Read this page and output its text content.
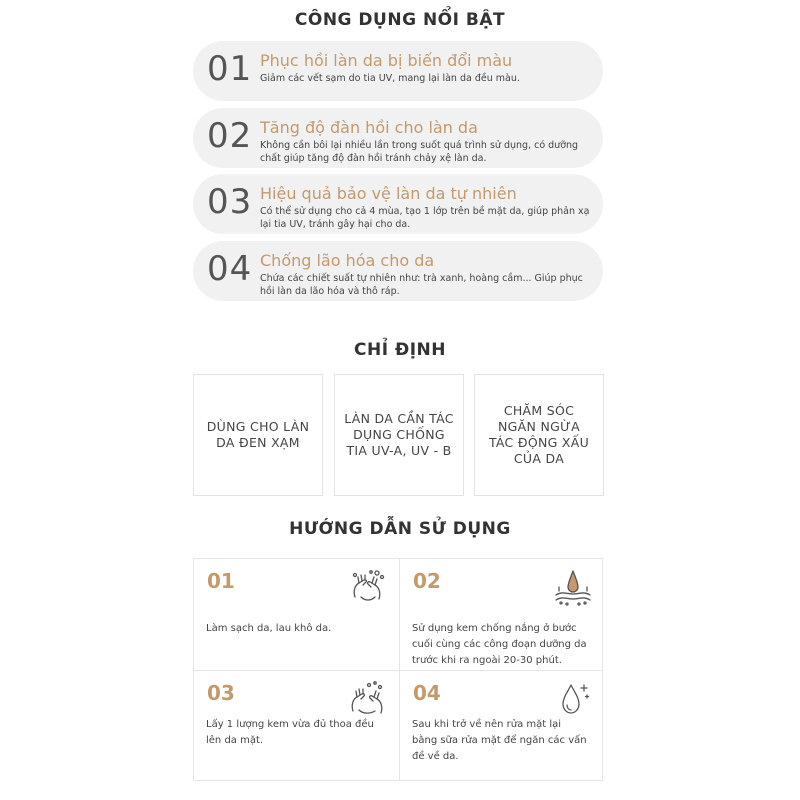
CÔNG DỤNG NỔI BẬT
01 Phục hồi làn da bị biến đổi màu
Giảm các vết sạm do tia UV, mang lại làn da đều màu.
02 Tăng độ đàn hồi cho làn da
Không cần bôi lại nhiều lần trong suốt quá trình sử dụng, có dưỡng chất giúp tăng độ đàn hồi tránh chảy xệ làn da.
03 Hiệu quả bảo vệ làn da tự nhiên
Có thể sử dụng cho cả 4 mùa, tạo 1 lớp trên bề mặt da, giúp phản xạ lại tia UV, tránh gây hại cho da.
04 Chống lão hóa cho da
Chứa các chiết suất tự nhiên như: trà xanh, hoàng cầm... Giúp phục hồi làn da lão hóa và thô ráp.
CHỈ ĐỊNH
DÙNG CHO LÀN DA ĐEN XẠM
LÀN DA CẦN TÁC DỤNG CHỐNG TIA UV-A, UV - B
CHĂM SÓC NGĂN NGỪA TÁC ĐỘNG XẤU CỦA DA
HƯỚNG DẪN SỬ DỤNG
01
Làm sạch da, lau khô da.
02
Sử dụng kem chống nắng ở bước cuối cùng các công đoạn dưỡng da trước khi ra ngoài 20-30 phút.
03
Lấy 1 lượng kem vừa đủ thoa đều lên da mặt.
04
Sau khi trở về nên rửa mặt lại bằng sữa rửa mặt để ngăn các vấn đề về da.
